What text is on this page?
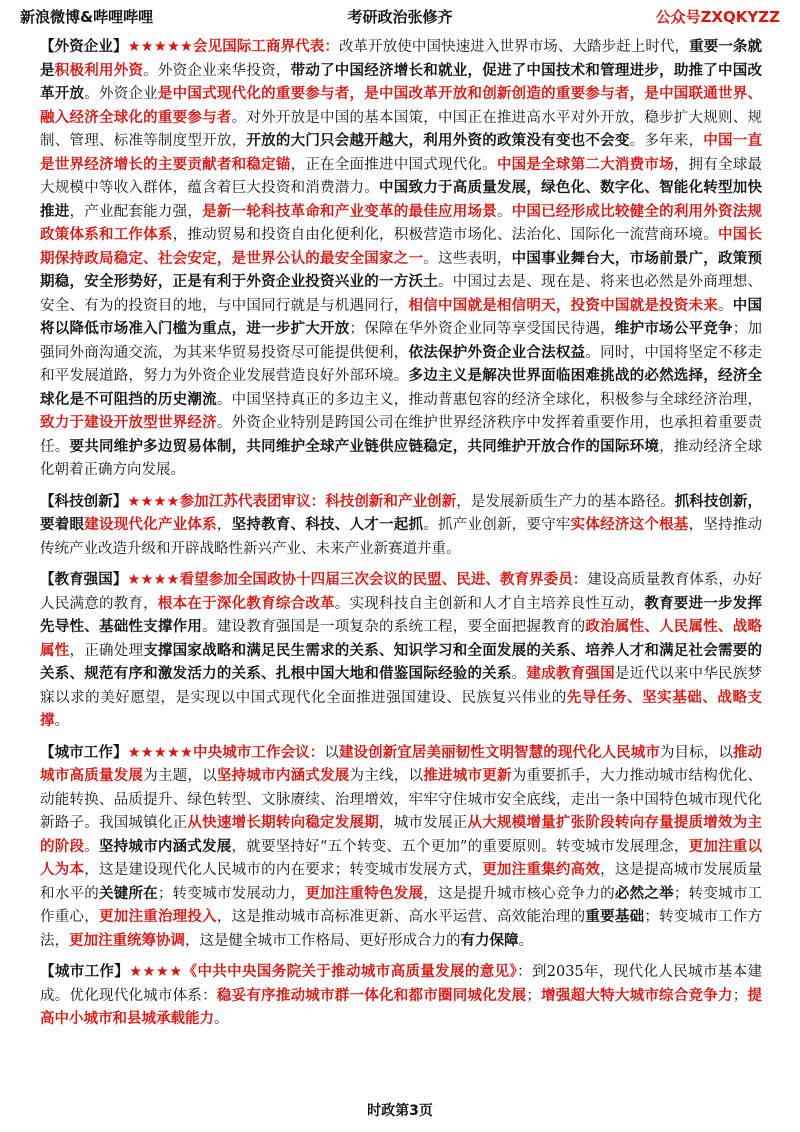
新浪微博&哔哩哔哩	考研政治张修齐	公众号ZXQKYZZ

【外资企业】★★★★★会见国际工商界代表：改革开放使中国快速进入世界市场、大踏步赶上时代，重要一条就是积极利用外资。外资企业来华投资，带动了中国经济增长和就业，促进了中国技术和管理进步，助推了中国改革开放。外资企业是中国式现代化的重要参与者，是中国改革开放和创新创造的重要参与者，是中国联通世界、融入经济全球化的重要参与者。对外开放是中国的基本国策，中国正在推进高水平对外开放，稳步扩大规则、规制、管理、标准等制度型开放，开放的大门只会越开越大，利用外资的政策没有变也不会变。多年来，中国一直是世界经济增长的主要贡献者和稳定锚，正在全面推进中国式现代化。中国是全球第二大消费市场，拥有全球最大规模中等收入群体，蕴含着巨大投资和消费潜力。中国致力于高质量发展，绿色化、数字化、智能化转型加快推进，产业配套能力强，是新一轮科技革命和产业变革的最佳应用场景。中国已经形成比较健全的利用外资法规政策体系和工作体系，推动贸易和投资自由化便利化，积极营造市场化、法治化、国际化一流营商环境。中国长期保持政局稳定、社会安定，是世界公认的最安全国家之一。这些表明，中国事业舞台大，市场前景广，政策预期稳，安全形势好，正是有利于外资企业投资兴业的一方沃土。中国过去是、现在是、将来也必然是外商理想、安全、有为的投资目的地，与中国同行就是与机遇同行，相信中国就是相信明天，投资中国就是投资未来。中国将以降低市场准入门槛为重点，进一步扩大开放；保障在华外资企业同等享受国民待遇，维护市场公平竞争；加强同外商沟通交流，为其来华贸易投资尽可能提供便利，依法保护外资企业合法权益。同时，中国将坚定不移走和平发展道路，努力为外资企业发展营造良好外部环境。多边主义是解决世界面临困难挑战的必然选择，经济全球化是不可阻挡的历史潮流。中国坚持真正的多边主义，推动普惠包容的经济全球化，积极参与全球经济治理，致力于建设开放型世界经济。外资企业特别是跨国公司在维护世界经济秩序中发挥着重要作用，也承担着重要责任。要共同维护多边贸易体制，共同维护全球产业链供应链稳定，共同维护开放合作的国际环境，推动经济全球化朝着正确方向发展。

【科技创新】★★★★参加江苏代表团审议：科技创新和产业创新，是发展新质生产力的基本路径。抓科技创新，要着眼建设现代化产业体系，坚持教育、科技、人才一起抓。抓产业创新，要守牢实体经济这个根基，坚持推动传统产业改造升级和开辟战略性新兴产业、未来产业新赛道并重。

【教育强国】★★★★看望参加全国政协十四届三次会议的民盟、民进、教育界委员：建设高质量教育体系，办好人民满意的教育，根本在于深化教育综合改革。实现科技自主创新和人才自主培养良性互动，教育要进一步发挥先导性、基础性支撑作用。建设教育强国是一项复杂的系统工程，要全面把握教育的政治属性、人民属性、战略属性，正确处理支撑国家战略和满足民生需求的关系、知识学习和全面发展的关系、培养人才和满足社会需要的关系、规范有序和激发活力的关系、扎根中国大地和借鉴国际经验的关系。建成教育强国是近代以来中华民族梦寐以求的美好愿望，是实现以中国式现代化全面推进强国建设、民族复兴伟业的先导任务、坚实基础、战略支撑。

【城市工作】★★★★★中央城市工作会议：以建设创新宜居美丽韧性文明智慧的现代化人民城市为目标，以推动城市高质量发展为主题，以坚持城市内涵式发展为主线，以推进城市更新为重要抓手，大力推动城市结构优化、动能转换、品质提升、绿色转型、文脉赓续、治理增效，牢牢守住城市安全底线，走出一条中国特色城市现代化新路子。我国城镇化正从快速增长期转向稳定发展期，城市发展正从大规模增量扩张阶段转向存量提质增效为主的阶段。坚持城市内涵式发展，就要坚持好“五个转变、五个更加”的重要原则。转变城市发展理念，更加注重以人为本，这是建设现代化人民城市的内在要求；转变城市发展方式，更加注重集约高效，这是提高城市发展质量和水平的关键所在；转变城市发展动力，更加注重特色发展，这是提升城市核心竞争力的必然之举；转变城市工作重心，更加注重治理投入，这是推动城市高标准更新、高水平运营、高效能治理的重要基础；转变城市工作方法，更加注重统筹协调，这是健全城市工作格局、更好形成合力的有力保障。

【城市工作】★★★★《中共中央国务院关于推动城市高质量发展的意见》：到2035年，现代化人民城市基本建成。优化现代化城市体系：稳妥有序推动城市群一体化和都市圈同城化发展；增强超大特大城市综合竞争力；提高中小城市和县城承载能力。

时政第3页
